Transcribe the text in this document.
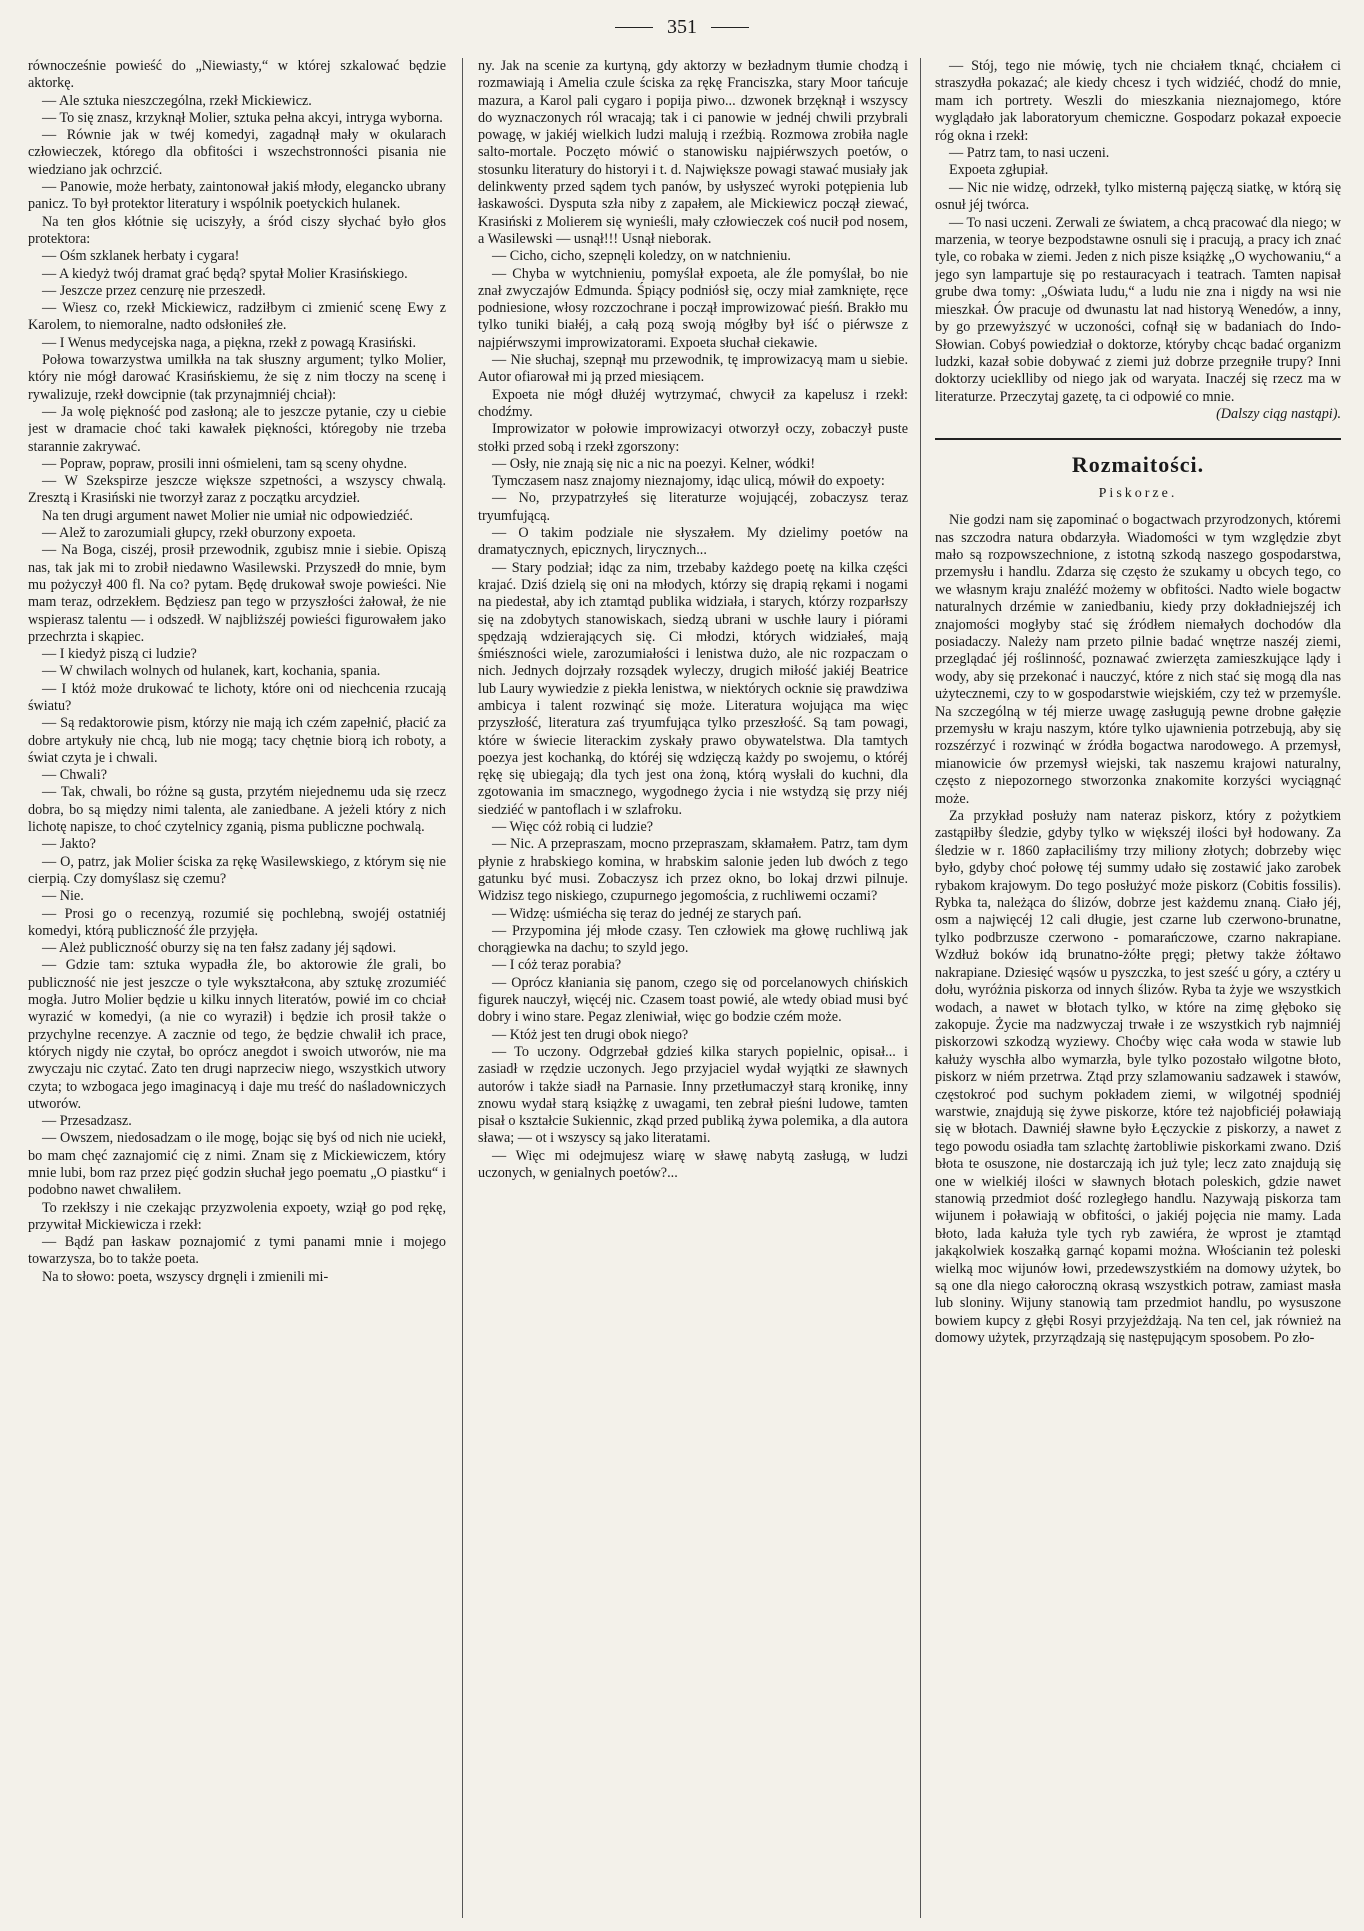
351

równocześnie powieść do „Niewiasty,“ w której szkalować będzie aktorkę.

— Ale sztuka nieszczególna, rzekł Mickiewicz.

— To się znasz, krzyknął Molier, sztuka pełna akcyi, intryga wyborna.

— Równie jak w twéj komedyi, zagadnął mały w okularach człowieczek, którego dla obfitości i wszechstronności pisania nie wiedziano jak ochrzcić.

— Panowie, może herbaty, zaintonował jakiś młody, elegancko ubrany panicz. To był protektor literatury i wspólnik poetyckich hulanek.

Na ten głos kłótnie się uciszyły, a śród ciszy słychać było głos protektora:

— Ośm szklanek herbaty i cygara!

— A kiedyż twój dramat grać będą? spytał Molier Krasińskiego.

— Jeszcze przez cenzurę nie przeszedł.

— Wiesz co, rzekł Mickiewicz, radziłbym ci zmienić scenę Ewy z Karolem, to niemoralne, nadto odsłoniłeś złe.

— I Wenus medycejska naga, a piękna, rzekł z powagą Krasiński.

Połowa towarzystwa umilkła na tak słuszny argument; tylko Molier, który nie mógł darować Krasińskiemu, że się z nim tłoczy na scenę i rywalizuje, rzekł dowcipnie (tak przynajmniéj chciał):

— Ja wolę piękność pod zasłoną; ale to jeszcze pytanie, czy u ciebie jest w dramacie choć taki kawałek piękności, któregoby nie trzeba starannie zakrywać.

— Popraw, popraw, prosili inni ośmieleni, tam są sceny ohydne.

— W Szekspirze jeszcze większe szpetności, a wszyscy chwalą. Zresztą i Krasiński nie tworzył zaraz z początku arcydzieł.

Na ten drugi argument nawet Molier nie umiał nic odpowiedziéć.

— Alež to zarozumiali głupcy, rzekł oburzony expoeta.

— Na Boga, ciszéj, prosił przewodnik, zgubisz mnie i siebie. Opiszą nas, tak jak mi to zrobił niedawno Wasilewski. Przyszedł do mnie, bym mu pożyczył 400 fl. Na co? pytam. Będę drukował swoje powieści. Nie mam teraz, odrzekłem. Będziesz pan tego w przyszłości żałował, że nie wspierasz talentu — i odszedł. W najbliższéj powieści figurowałem jako przechrzta i skąpiec.

— I kiedyż piszą ci ludzie?

— W chwilach wolnych od hulanek, kart, kochania, spania.

— I któż może drukować te lichoty, które oni od niechcenia rzucają światu?

— Są redaktorowie pism, którzy nie mają ich czém zapełnić, płacić za dobre artykuły nie chcą, lub nie mogą; tacy chętnie biorą ich roboty, a świat czyta je i chwali.

— Chwali?

— Tak, chwali, bo różne są gusta, przytém niejednemu uda się rzecz dobra, bo są między nimi talenta, ale zaniedbane. A jeżeli który z nich lichotę napisze, to choć czytelnicy zganią, pisma publiczne pochwalą.

— Jakto?

— O, patrz, jak Molier ściska za rękę Wasilewskiego, z którym się nie cierpią. Czy domyślasz się czemu?

— Nie.

— Prosi go o recenzyą, rozumié się pochlebną, swojéj ostatniéj komedyi, którą publiczność źle przyjęła.

— Ależ publiczność oburzy się na ten fałsz zadany jéj sądowi.

— Gdzie tam: sztuka wypadła źle, bo aktorowie źle grali, bo publiczność nie jest jeszcze o tyle wykształcona, aby sztukę zrozumiéć mogła. Jutro Molier będzie u kilku innych literatów, powié im co chciał wyrazić w komedyi, (a nie co wyraził) i będzie ich prosił także o przychylne recenzye. A zacznie od tego, że będzie chwalił ich prace, których nigdy nie czytał, bo oprócz anegdot i swoich utworów, nie ma zwyczaju nic czytać. Zato ten drugi naprzeciw niego, wszystkich utwory czyta; to wzbogaca jego imaginacyą i daje mu treść do naśladowniczych utworów.

— Przesadzasz.

— Owszem, niedosadzam o ile mogę, bojąc się byś od nich nie uciekł, bo mam chęć zaznajomić cię z nimi. Znam się z Mickiewiczem, który mnie lubi, bom raz przez pięć godzin słuchał jego poematu „O piastku“ i podobno nawet chwaliłem.

To rzekłszy i nie czekając przyzwolenia expoety, wziął go pod rękę, przywitał Mickiewicza i rzekł:

— Bądź pan łaskaw poznajomić z tymi panami mnie i mojego towarzysza, bo to także poeta.

Na to słowo: poeta, wszyscy drgnęli i zmienili mi-

ny. Jak na scenie za kurtyną, gdy aktorzy w bezładnym tłumie chodzą i rozmawiają i Amelia czule ściska za rękę Franciszka, stary Moor tańcuje mazura, a Karol pali cygaro i popija piwo... dzwonek brzęknął i wszyscy do wyznaczonych ról wracają; tak i ci panowie w jednéj chwili przybrali powagę, w jakiéj wielkich ludzi malują i rzeźbią. Rozmowa zrobiła nagle salto-mortale. Poczęto mówić o stanowisku najpiérwszych poetów, o stosunku literatury do historyi i t. d. Największe powagi stawać musiały jak delinkwenty przed sądem tych panów, by usłyszeć wyroki potępienia lub łaskawości. Dysputa szła niby z zapałem, ale Mickiewicz począł ziewać, Krasiński z Molierem się wynieśli, mały człowieczek coś nucił pod nosem, a Wasilewski — usnął!!! Usnął nieborak.

— Cicho, cicho, szepnęli koledzy, on w natchnieniu.

— Chyba w wytchnieniu, pomyślał expoeta, ale źle pomyślał, bo nie znał zwyczajów Edmunda. Śpiący podniósł się, oczy miał zamknięte, ręce podniesione, włosy rozczochrane i począł improwizować pieśń. Brakło mu tylko tuniki białéj, a całą pozą swoją mógłby był iść o piérwsze z najpiérwszymi improwizatorami. Expoeta słuchał ciekawie.

— Nie słuchaj, szepnął mu przewodnik, tę improwizacyą mam u siebie. Autor ofiarował mi ją przed miesiącem.

Expoeta nie mógł dłużéj wytrzymać, chwycił za kapelusz i rzekł: chodźmy.

Improwizator w połowie improwizacyi otworzył oczy, zobaczył puste stołki przed sobą i rzekł zgorszony:

— Osły, nie znają się nic a nic na poezyi. Kelner, wódki!

Tymczasem nasz znajomy nieznajomy, idąc ulicą, mówił do expoety:

— No, przypatrzyłeś się literaturze wojującéj, zobaczysz teraz tryumfującą.

— O takim podziale nie słyszałem. My dzielimy poetów na dramatycznych, epicznych, lirycznych...

— Stary podział; idąc za nim, trzebaby każdego poetę na kilka części krajać. Dziś dzielą się oni na młodych, którzy się drapią rękami i nogami na piedestał, aby ich ztamtąd publika widziała, i starych, którzy rozparłszy się na zdobytych stanowiskach, siedzą ubrani w uschłe laury i piórami spędzają wdzierających się. Ci młodzi, których widziałeś, mają śmiészności wiele, zarozumiałości i lenistwa dużo, ale nic rozpaczam o nich. Jednych dojrzały rozsądek wyleczy, drugich miłość jakiéj Beatrice lub Laury wywiedzie z piekła lenistwa, w niektórych ocknie się prawdziwa ambicya i talent rozwinąć się może. Literatura wojująca ma więc przyszłość, literatura zaś tryumfująca tylko przeszłość. Są tam powagi, które w świecie literackim zyskały prawo obywatelstwa. Dla tamtych poezya jest kochanką, do któréj się wdzięczą każdy po swojemu, o któréj rękę się ubiegają; dla tych jest ona żoną, którą wysłali do kuchni, dla zgotowania im smacznego, wygodnego życia i nie wstydzą się przy niéj siedziéć w pantoflach i w szlafroku.

— Więc cóż robią ci ludzie?

— Nic. A przepraszam, mocno przepraszam, skłamałem. Patrz, tam dym płynie z hrabskiego komina, w hrabskim salonie jeden lub dwóch z tego gatunku być musi. Zobaczysz ich przez okno, bo lokaj drzwi pilnuje. Widzisz tego niskiego, czupurnego jegomościa, z ruchliwemi oczami?

— Widzę: uśmiécha się teraz do jednéj ze starych pań.

— Przypomina jéj młode czasy. Ten człowiek ma głowę ruchliwą jak chorągiewka na dachu; to szyld jego.

— I cóż teraz porabia?

— Oprócz kłaniania się panom, czego się od porcelanowych chińskich figurek nauczył, więcéj nic. Czasem toast powié, ale wtedy obiad musi być dobry i wino stare. Pegaz zleniwiał, więc go bodzie czém może.

— Któż jest ten drugi obok niego?

— To uczony. Odgrzebał gdzieś kilka starych popielnic, opisał... i zasiadł w rzędzie uczonych. Jego przyjaciel wydał wyjątki ze sławnych autorów i także siadł na Parnasie. Inny przetłumaczył starą kronikę, inny znowu wydał starą książkę z uwagami, ten zebrał pieśni ludowe, tamten pisał o kształcie Sukiennic, zkąd przed publiką żywa polemika, a dla autora sława; — ot i wszyscy są jako literatami.

— Więc mi odejmujesz wiarę w sławę nabytą zasługą, w ludzi uczonych, w genialnych poetów?...

— Stój, tego nie mówię, tych nie chciałem tknąć, chciałem ci straszydła pokazać; ale kiedy chcesz i tych widziéć, chodź do mnie, mam ich portrety. Weszli do mieszkania nieznajomego, które wyglądało jak laboratoryum chemiczne. Gospodarz pokazał expoecie róg okna i rzekł:

— Patrz tam, to nasi uczeni.

Expoeta zgłupiał.

— Nic nie widzę, odrzekł, tylko misterną pajęczą siatkę, w którą się osnuł jéj twórca.

— To nasi uczeni. Zerwali ze światem, a chcą pracować dla niego; w marzenia, w teorye bezpodstawne osnuli się i pracują, a pracy ich znać tyle, co robaka w ziemi. Jeden z nich pisze książkę „O wychowaniu,“ a jego syn lampartuje się po restauracyach i teatrach. Tamten napisał grube dwa tomy: „Oświata ludu,“ a ludu nie zna i nigdy na wsi nie mieszkał. Ów pracuje od dwunastu lat nad historyą Wenedów, a inny, by go przewyższyć w uczoności, cofnął się w badaniach do Indo-Słowian. Cobyś powiedział o doktorze, któryby chcąc badać organizm ludzki, kazał sobie dobywać z ziemi już dobrze przegniłe trupy? Inni doktorzy ucieklliby od niego jak od waryata. Inaczéj się rzecz ma w literaturze. Przeczytaj gazetę, ta ci odpowié co mnie.

(Dalszy ciąg nastąpi).

Rozmaitości.
Piskorze.

Nie godzi nam się zapominać o bogactwach przyrodzonych, któremi nas szczodra natura obdarzyła. Wiadomości w tym względzie zbyt mało są rozpowszechnione, z istotną szkodą naszego gospodarstwa, przemysłu i handlu. Zdarza się często że szukamy u obcych tego, co we własnym kraju znaléźć możemy w obfitości. Nadto wiele bogactw naturalnych drzémie w zaniedbaniu, kiedy przy dokładniejszéj ich znajomości mogłyby stać się źródłem niemałych dochodów dla posiadaczy. Należy nam przeto pilnie badać wnętrze naszéj ziemi, przeglądać jéj roślinność, poznawać zwierzęta zamieszkujące lądy i wody, aby się przekonać i nauczyć, które z nich stać się mogą dla nas użytecznemi, czy to w gospodarstwie wiejskiém, czy też w przemyśle. Na szczególną w téj mierze uwagę zasługują pewne drobne gałęzie przemysłu w kraju naszym, które tylko ujawnienia potrzebują, aby się rozszérzyć i rozwinąć w źródła bogactwa narodowego. A przemysł, mianowicie ów przemysł wiejski, tak naszemu krajowi naturalny, często z niepozornego stworzonka znakomite korzyści wyciągnąć może.

Za przykład posłuży nam nateraz piskorz, który z pożytkiem zastąpiłby śledzie, gdyby tylko w większéj ilości był hodowany. Za śledzie w r. 1860 zapłaciliśmy trzy miliony złotych; dobrzeby więc było, gdyby choć połowę téj summy udało się zostawić jako zarobek rybakom krajowym. Do tego posłużyć może piskorz (Cobitis fossilis). Rybka ta, należąca do ślizów, dobrze jest każdemu znaną. Ciało jéj, osm a najwięcéj 12 cali długie, jest czarne lub czerwono-brunatne, tylko podbrzusze czerwono - pomarańczowe, czarno nakrapiane. Wzdłuż boków idą brunatno-żółte pręgi; płetwy także żółtawo nakrapiane. Dziesięć wąsów u pyszczka, to jest sześć u góry, a cztéry u dołu, wyróżnia piskorza od innych ślizów. Ryba ta żyje we wszystkich wodach, a nawet w błotach tylko, w które na zimę głęboko się zakopuje. Życie ma nadzwyczaj trwałe i ze wszystkich ryb najmniéj piskorzowi szkodzą wyziewy. Choćby więc cała woda w stawie lub kałuży wyschła albo wymarzła, byle tylko pozostało wilgotne błoto, piskorz w niém przetrwa. Ztąd przy szlamowaniu sadzawek i stawów, częstokroć pod suchym pokładem ziemi, w wilgotnéj spodniéj warstwie, znajdują się żywe piskorze, które też najobficiéj poławiają się w błotach. Dawniéj sławne było Łęczyckie z piskorzy, a nawet z tego powodu osiadła tam szlachtę żartobliwie piskorkami zwano. Dziś błota te osuszone, nie dostarczają ich już tyle; lecz zato znajdują się one w wielkiéj ilości w sławnych błotach poleskich, gdzie nawet stanowią przedmiot dość rozległego handlu. Nazywają piskorza tam wijunem i poławiają w obfitości, o jakiéj pojęcia nie mamy. Lada błoto, lada kałuża tyle tych ryb zawiéra, że wprost je ztamtąd jakąkolwiek koszałką garnąć kopami można. Włościanin też poleski wielką moc wijunów łowi, przedewszystkiém na domowy użytek, bo są one dla niego całoroczną okrasą wszystkich potraw, zamiast masła lub sloniny. Wijuny stanowią tam przedmiot handlu, po wysuszone bowiem kupcy z głębi Rosyi przyjeżdżają. Na ten cel, jak również na domowy użytek, przyrządzają się następującym sposobem. Po zło-
